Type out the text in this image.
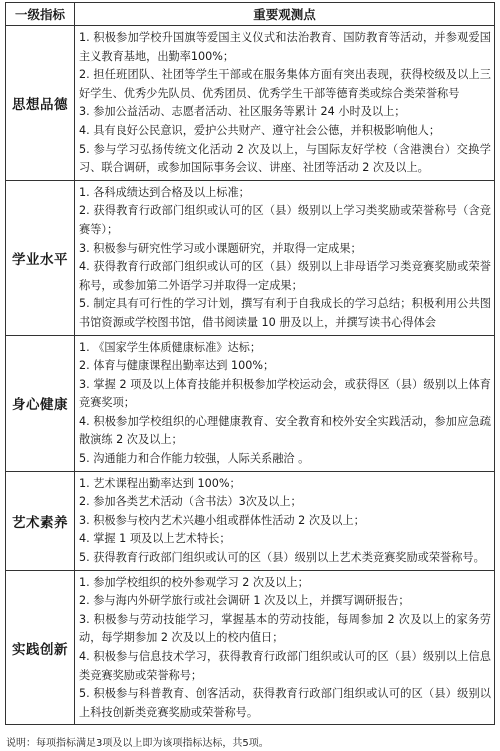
一级指标	重要观测点
思想品德	1. 积极参加学校升国旗等爱国主义仪式和法治教育、国防教育等活动，并参观爱国主义教育基地，出勤率100%；
2. 担任班团队、社团等学生干部或在服务集体方面有突出表现，获得校级及以上三好学生、优秀少先队员、优秀团员、优秀学生干部等德育类或综合类荣誉称号
3. 参加公益活动、志愿者活动、社区服务等累计 24 小时及以上；
4. 具有良好公民意识，爱护公共财产、遵守社会公德，并积极影响他人；
5. 参与学习弘扬传统文化活动 2 次及以上，与国际友好学校（含港澳台）交换学习、联合调研，或参加国际事务会议、讲座、社团等活动 2 次及以上。

学业水平	1. 各科成绩达到合格及以上标准；
2. 获得教育行政部门组织或认可的区（县）级别以上学习类奖励或荣誉称号（含竞赛等）；
3. 积极参与研究性学习或小课题研究，并取得一定成果；
4. 获得教育行政部门组织或认可的区（县）级别以上非母语学习类竞赛奖励或荣誉称号，或参加第二外语学习并取得一定成果；
5. 制定具有可行性的学习计划，撰写有利于自我成长的学习总结；积极利用公共图书馆资源或学校图书馆，借书阅读量 10 册及以上，并撰写读书心得体会

身心健康	1. 《国家学生体质健康标准》达标；
2. 体育与健康课程出勤率达到 100%；
3. 掌握 2 项及以上体育技能并积极参加学校运动会，或获得区（县）级别以上体育竞赛奖项；
4. 积极参加学校组织的心理健康教育、安全教育和校外安全实践活动，参加应急疏散演练 2 次及以上；
5. 沟通能力和合作能力较强，人际关系融洽 。

艺术素养	1. 艺术课程出勤率达到 100%；
2. 参加各类艺术活动（含书法）3次及以上；
3. 积极参与校内艺术兴趣小组或群体性活动 2 次及以上；
4. 掌握 1 项及以上艺术特长；
5. 获得教育行政部门组织或认可的区（县）级别以上艺术类竞赛奖励或荣誉称号。

实践创新	1. 参加学校组织的校外参观学习 2 次及以上；
2. 参与海内外研学旅行或社会调研 1 次及以上，并撰写调研报告；
3. 积极参与劳动技能学习，掌握基本的劳动技能，每周参加 2 次及以上的家务劳动，每学期参加 2 次及以上的校内值日；
4. 积极参与信息技术学习，获得教育行政部门组织或认可的区（县）级别以上信息类竞赛奖励或荣誉称号；
5. 积极参与科普教育、创客活动，获得教育行政部门组织或认可的区（县）级别以上科技创新类竞赛奖励或荣誉称号。
说明：每项指标满足3项及以上即为该项指标达标，共5项。
